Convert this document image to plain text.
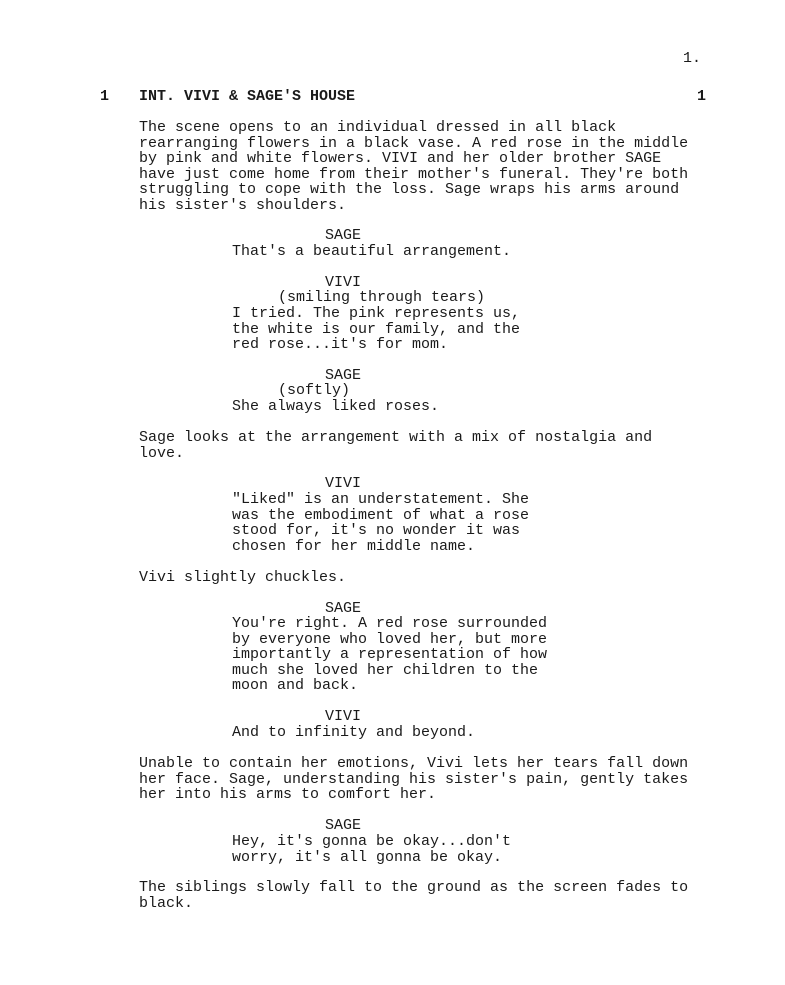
1.
1 INT. VIVI & SAGE'S HOUSE	1
The scene opens to an individual dressed in all black
rearranging flowers in a black vase. A red rose in the middle
by pink and white flowers. VIVI and her older brother SAGE
have just come home from their mother's funeral. They're both
struggling to cope with the loss. Sage wraps his arms around
his sister's shoulders.
SAGE
That's a beautiful arrangement.
VIVI
(smiling through tears)
I tried. The pink represents us,
the white is our family, and the
red rose...it's for mom.
SAGE
(softly)
She always liked roses.
Sage looks at the arrangement with a mix of nostalgia and
love.
VIVI
"Liked" is an understatement. She
was the embodiment of what a rose
stood for, it's no wonder it was
chosen for her middle name.
Vivi slightly chuckles.
SAGE
You're right. A red rose surrounded
by everyone who loved her, but more
importantly a representation of how
much she loved her children to the
moon and back.
VIVI
And to infinity and beyond.
Unable to contain her emotions, Vivi lets her tears fall down
her face. Sage, understanding his sister's pain, gently takes
her into his arms to comfort her.
SAGE
Hey, it's gonna be okay...don't
worry, it's all gonna be okay.
The siblings slowly fall to the ground as the screen fades to
black.
